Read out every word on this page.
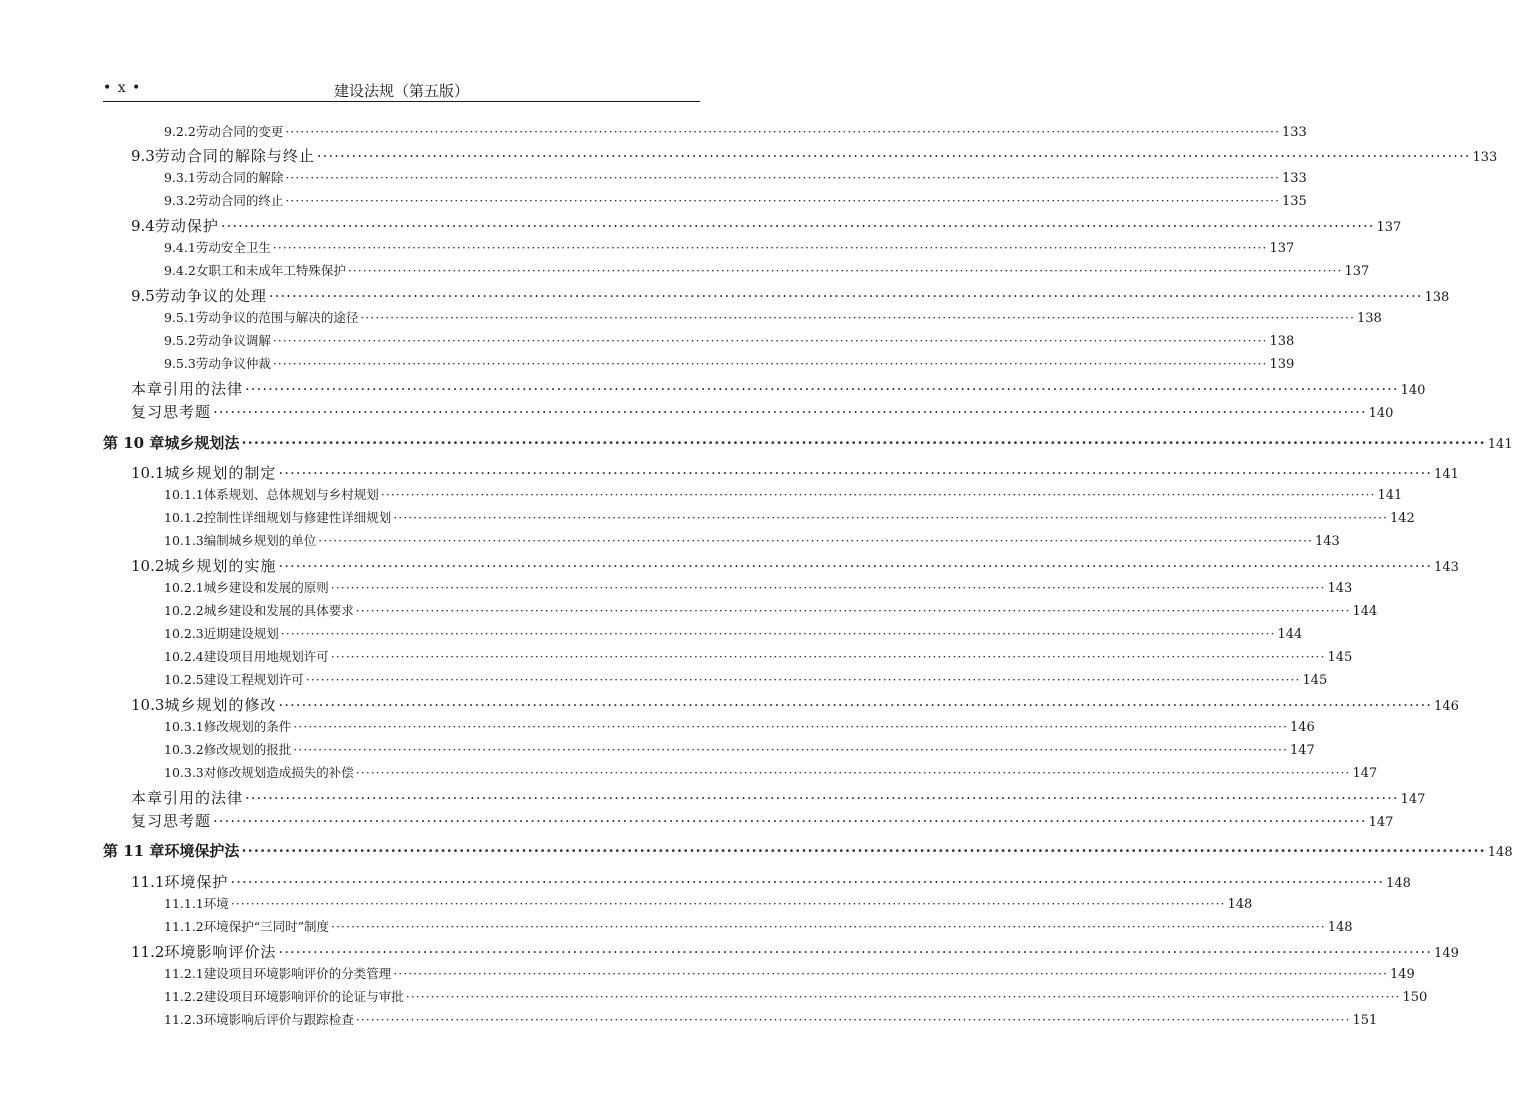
• x •	建设法规（第五版）
9.2.2 劳动合同的变更 ········································································································································································································ 133
9.3 劳动合同的解除与终止 ········································································································································································································ 133
9.3.1 劳动合同的解除 ········································································································································································································ 133
9.3.2 劳动合同的终止 ········································································································································································································ 135
9.4 劳动保护 ········································································································································································································ 137
9.4.1 劳动安全卫生 ········································································································································································································ 137
9.4.2 女职工和未成年工特殊保护 ········································································································································································································ 137
9.5 劳动争议的处理 ········································································································································································································ 138
9.5.1 劳动争议的范围与解决的途径 ········································································································································································································ 138
9.5.2 劳动争议调解 ········································································································································································································ 138
9.5.3 劳动争议仲裁 ········································································································································································································ 139
本章引用的法律 ········································································································································································································ 140
复习思考题 ········································································································································································································ 140
第 10 章 城乡规划法 ········································································································································································································ 141
10.1 城乡规划的制定 ········································································································································································································ 141
10.1.1 体系规划、总体规划与乡村规划 ········································································································································································································ 141
10.1.2 控制性详细规划与修建性详细规划 ········································································································································································································ 142
10.1.3 编制城乡规划的单位 ········································································································································································································ 143
10.2 城乡规划的实施 ········································································································································································································ 143
10.2.1 城乡建设和发展的原则 ········································································································································································································ 143
10.2.2 城乡建设和发展的具体要求 ········································································································································································································ 144
10.2.3 近期建设规划 ········································································································································································································ 144
10.2.4 建设项目用地规划许可 ········································································································································································································ 145
10.2.5 建设工程规划许可 ········································································································································································································ 145
10.3 城乡规划的修改 ········································································································································································································ 146
10.3.1 修改规划的条件 ········································································································································································································ 146
10.3.2 修改规划的报批 ········································································································································································································ 147
10.3.3 对修改规划造成损失的补偿 ········································································································································································································ 147
本章引用的法律 ········································································································································································································ 147
复习思考题 ········································································································································································································ 147
第 11 章 环境保护法 ········································································································································································································ 148
11.1 环境保护 ········································································································································································································ 148
11.1.1 环境 ········································································································································································································ 148
11.1.2 环境保护“三同时”制度 ········································································································································································································ 148
11.2 环境影响评价法 ········································································································································································································ 149
11.2.1 建设项目环境影响评价的分类管理 ········································································································································································································ 149
11.2.2 建设项目环境影响评价的论证与审批 ········································································································································································································ 150
11.2.3 环境影响后评价与跟踪检查 ········································································································································································································ 151
